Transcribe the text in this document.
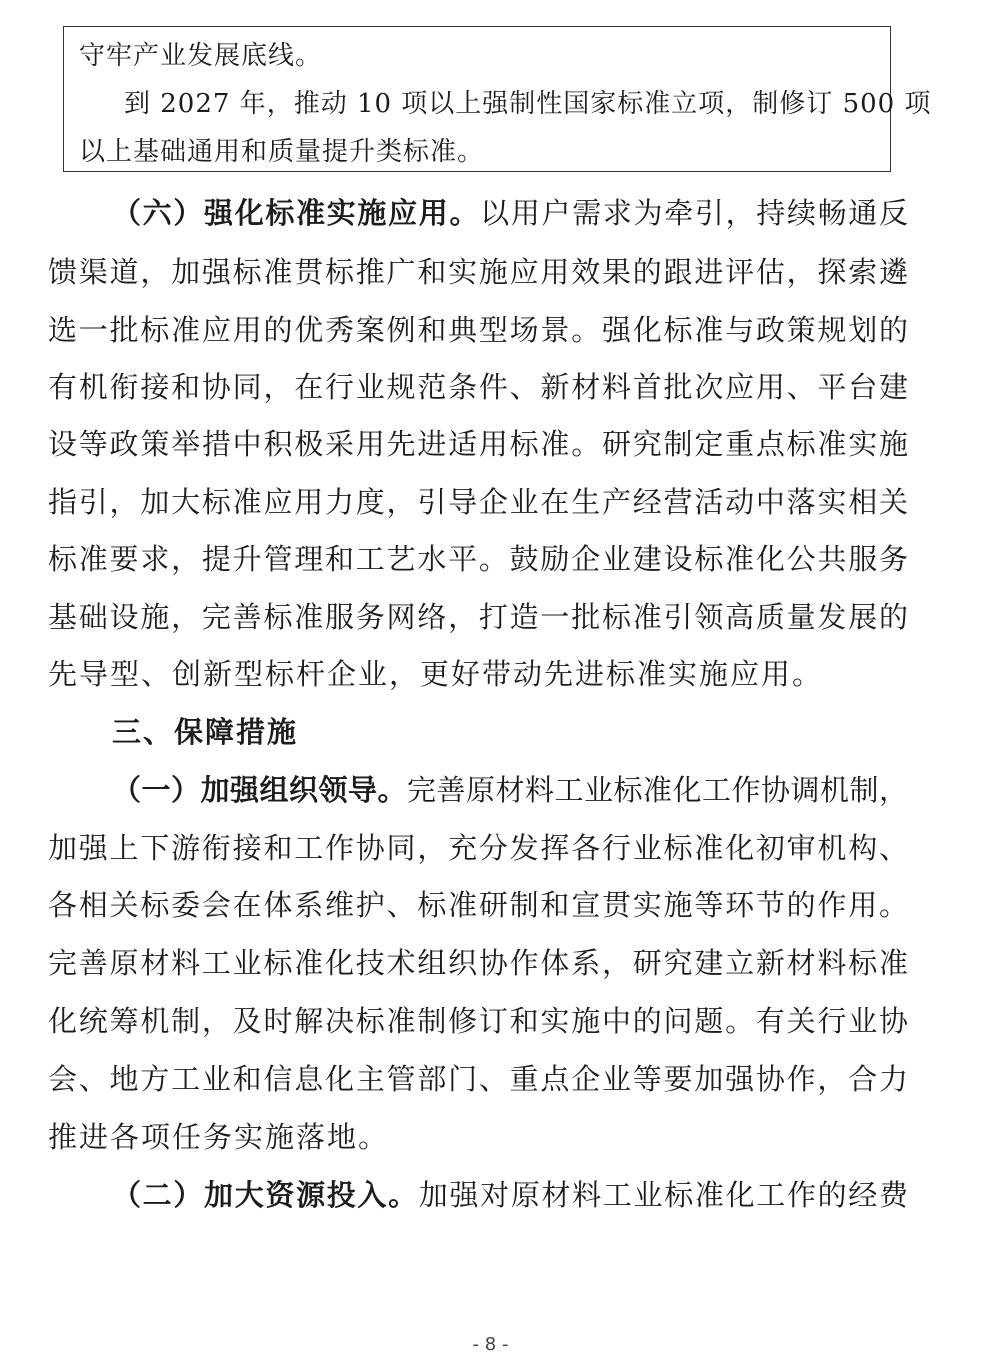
守牢产业发展底线。
到 2027 年，推动 10 项以上强制性国家标准立项，制修订 500 项
以上基础通用和质量提升类标准。
（六）强化标准实施应用。以用户需求为牵引，持续畅通反
馈渠道，加强标准贯标推广和实施应用效果的跟进评估，探索遴
选一批标准应用的优秀案例和典型场景。强化标准与政策规划的
有机衔接和协同，在行业规范条件、新材料首批次应用、平台建
设等政策举措中积极采用先进适用标准。研究制定重点标准实施
指引，加大标准应用力度，引导企业在生产经营活动中落实相关
标准要求，提升管理和工艺水平。鼓励企业建设标准化公共服务
基础设施，完善标准服务网络，打造一批标准引领高质量发展的
先导型、创新型标杆企业，更好带动先进标准实施应用。
三、保障措施
（一）加强组织领导。完善原材料工业标准化工作协调机制，
加强上下游衔接和工作协同，充分发挥各行业标准化初审机构、
各相关标委会在体系维护、标准研制和宣贯实施等环节的作用。
完善原材料工业标准化技术组织协作体系，研究建立新材料标准
化统筹机制，及时解决标准制修订和实施中的问题。有关行业协
会、地方工业和信息化主管部门、重点企业等要加强协作，合力
推进各项任务实施落地。
（二）加大资源投入。加强对原材料工业标准化工作的经费
- 8 -
